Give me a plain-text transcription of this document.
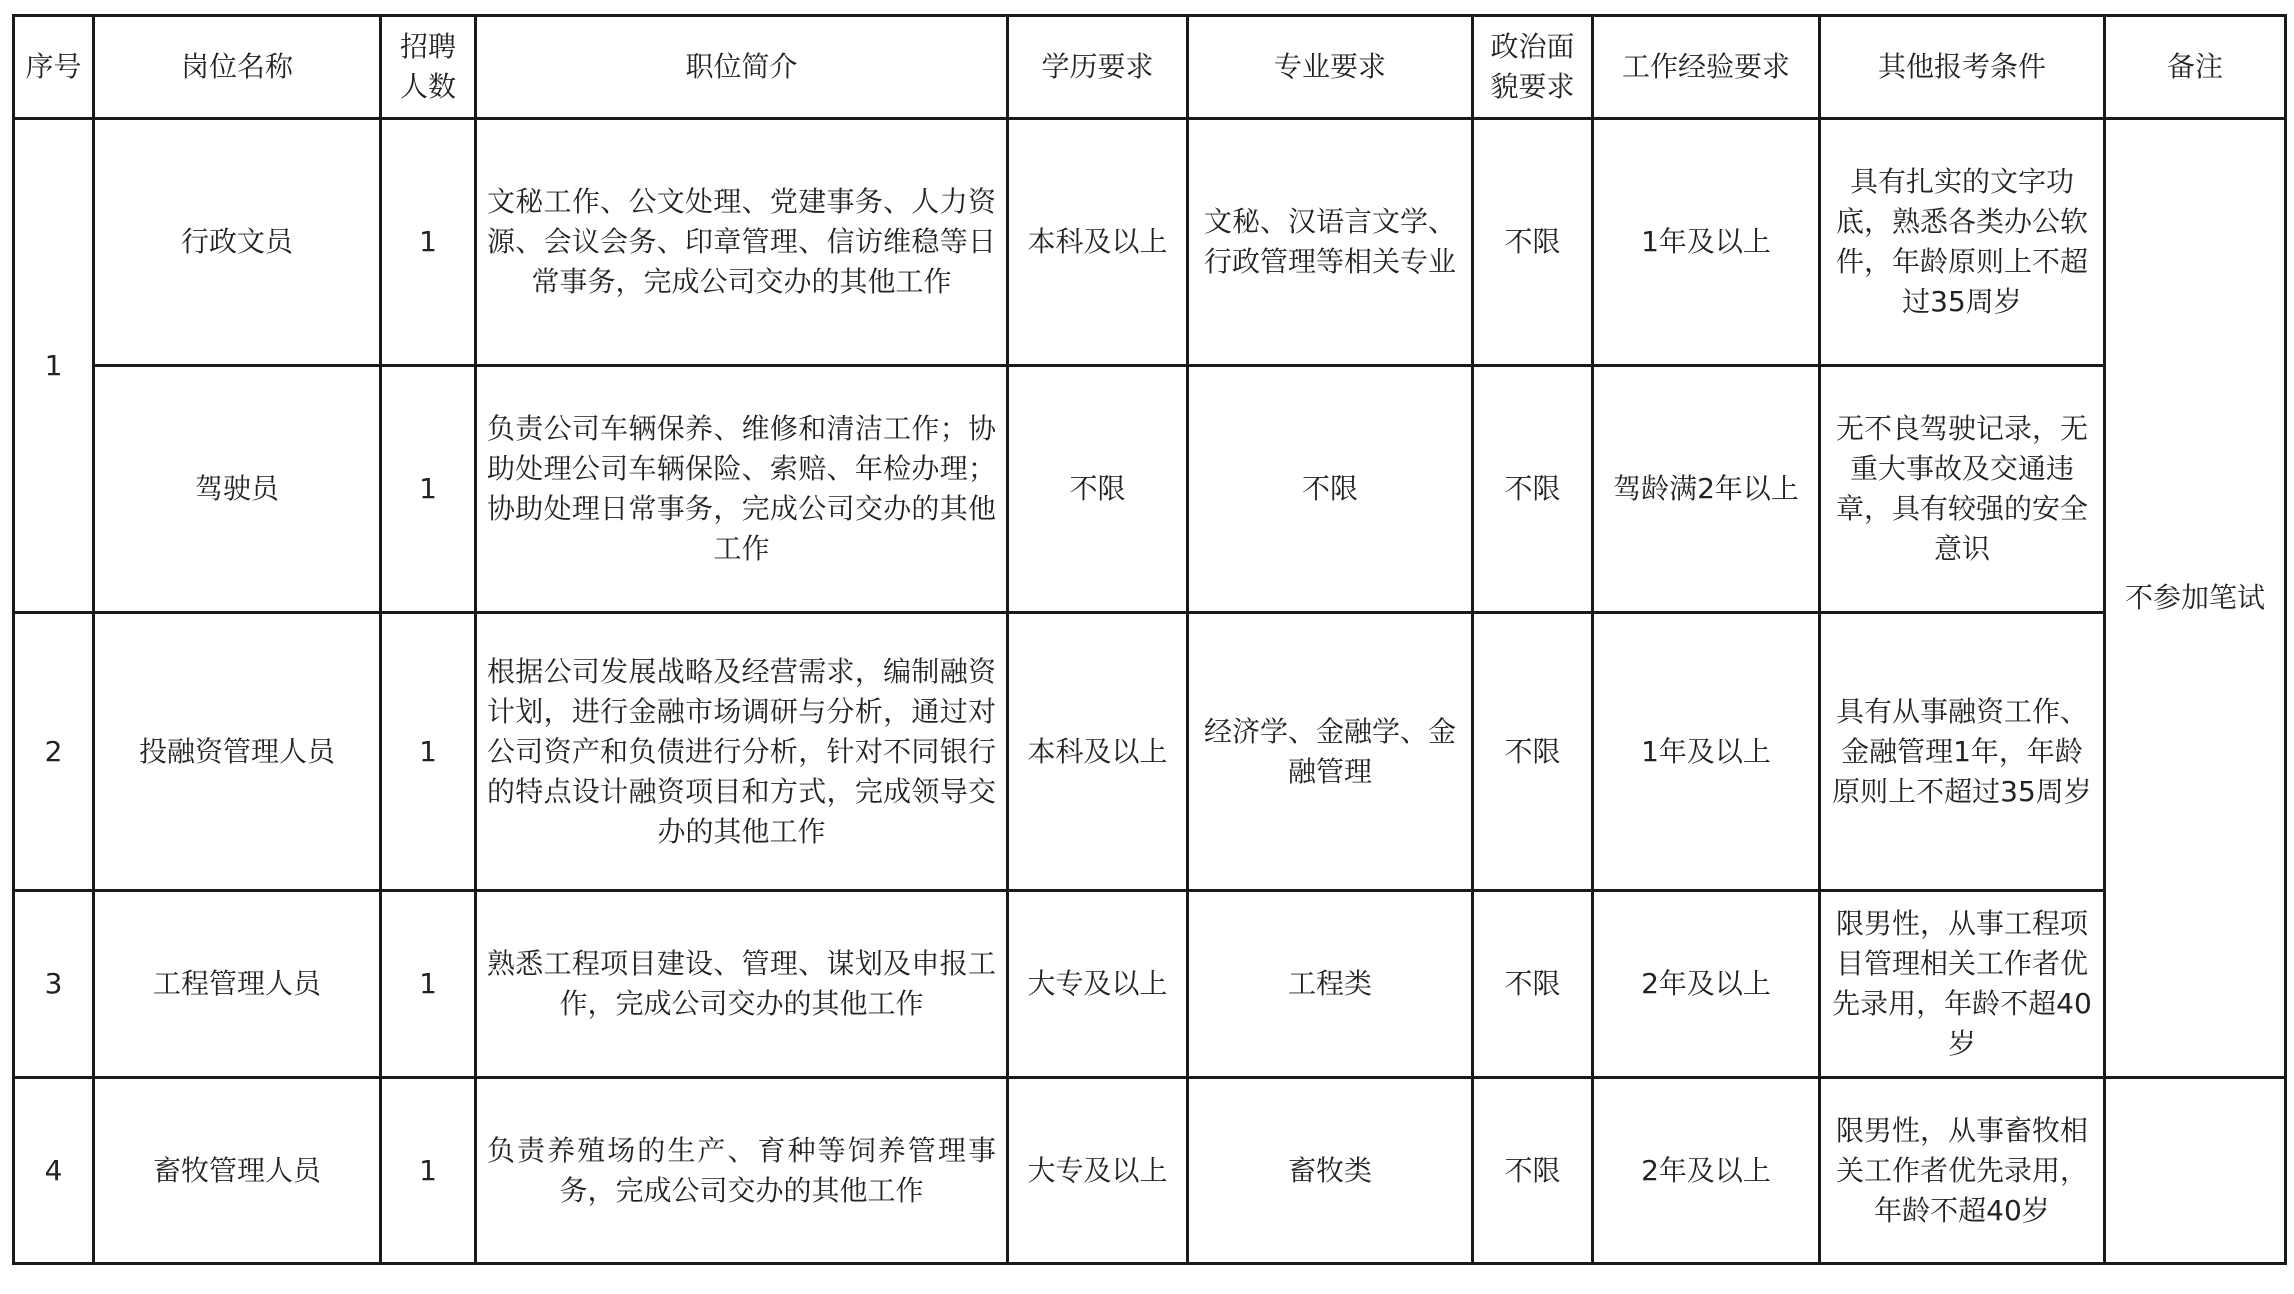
序号	岗位名称	招聘人数	职位简介	学历要求	专业要求	政治面貌要求	工作经验要求	其他报考条件	备注
1	行政文员	1	文秘工作、公文处理、党建事务、人力资源、会议会务、印章管理、信访维稳等日常事务，完成公司交办的其他工作	本科及以上	文秘、汉语言文学、行政管理等相关专业	不限	1年及以上	具有扎实的文字功底，熟悉各类办公软件，年龄原则上不超过35周岁	不参加笔试
	驾驶员	1	负责公司车辆保养、维修和清洁工作；协助处理公司车辆保险、索赔、年检办理；协助处理日常事务，完成公司交办的其他工作	不限	不限	不限	驾龄满2年以上	无不良驾驶记录，无重大事故及交通违章，具有较强的安全意识	
2	投融资管理人员	1	根据公司发展战略及经营需求，编制融资计划，进行金融市场调研与分析，通过对公司资产和负债进行分析，针对不同银行的特点设计融资项目和方式，完成领导交办的其他工作	本科及以上	经济学、金融学、金融管理	不限	1年及以上	具有从事融资工作、金融管理1年，年龄原则上不超过35周岁	
3	工程管理人员	1	熟悉工程项目建设、管理、谋划及申报工作，完成公司交办的其他工作	大专及以上	工程类	不限	2年及以上	限男性，从事工程项目管理相关工作者优先录用，年龄不超40岁	
4	畜牧管理人员	1	负责养殖场的生产、育种等饲养管理事务，完成公司交办的其他工作	大专及以上	畜牧类	不限	2年及以上	限男性，从事畜牧相关工作者优先录用，年龄不超40岁	
